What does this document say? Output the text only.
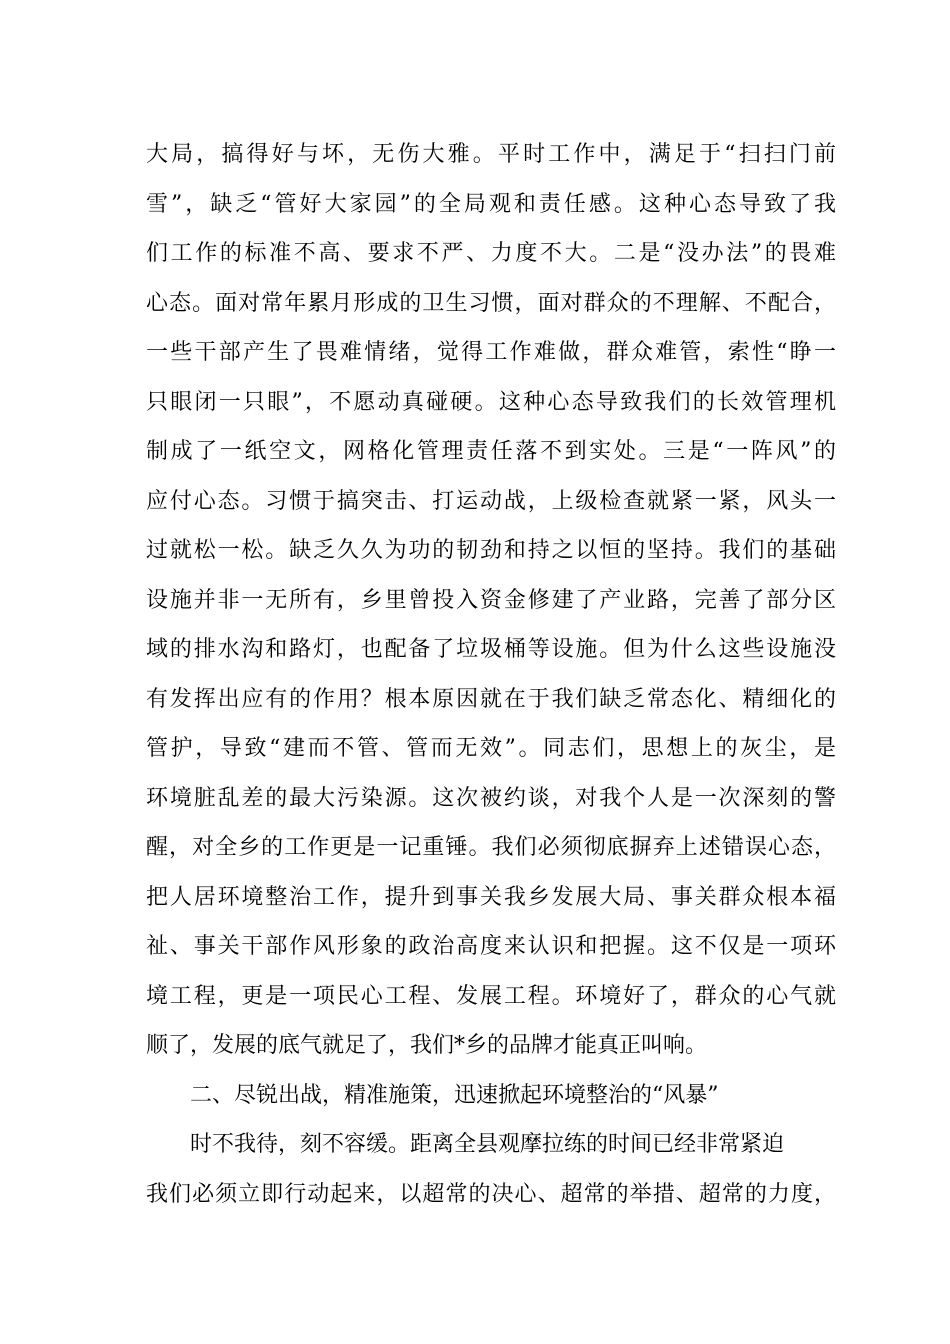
大局，搞得好与坏，无伤大雅。平时工作中，满足于“扫扫门前
雪”，缺乏“管好大家园”的全局观和责任感。这种心态导致了我
们工作的标准不高、要求不严、力度不大。二是“没办法”的畏难
心态。面对常年累月形成的卫生习惯，面对群众的不理解、不配合，
一些干部产生了畏难情绪，觉得工作难做，群众难管，索性“睁一
只眼闭一只眼”，不愿动真碰硬。这种心态导致我们的长效管理机
制成了一纸空文，网格化管理责任落不到实处。三是“一阵风”的
应付心态。习惯于搞突击、打运动战，上级检查就紧一紧，风头一
过就松一松。缺乏久久为功的韧劲和持之以恒的坚持。我们的基础
设施并非一无所有，乡里曾投入资金修建了产业路，完善了部分区
域的排水沟和路灯，也配备了垃圾桶等设施。但为什么这些设施没
有发挥出应有的作用？根本原因就在于我们缺乏常态化、精细化的
管护，导致“建而不管、管而无效”。同志们，思想上的灰尘，是
环境脏乱差的最大污染源。这次被约谈，对我个人是一次深刻的警
醒，对全乡的工作更是一记重锤。我们必须彻底摒弃上述错误心态，
把人居环境整治工作，提升到事关我乡发展大局、事关群众根本福
祉、事关干部作风形象的政治高度来认识和把握。这不仅是一项环
境工程，更是一项民心工程、发展工程。环境好了，群众的心气就
顺了，发展的底气就足了，我们*乡的品牌才能真正叫响。
二、尽锐出战，精准施策，迅速掀起环境整治的“风暴”
时不我待，刻不容缓。距离全县观摩拉练的时间已经非常紧迫
我们必须立即行动起来，以超常的决心、超常的举措、超常的力度，
